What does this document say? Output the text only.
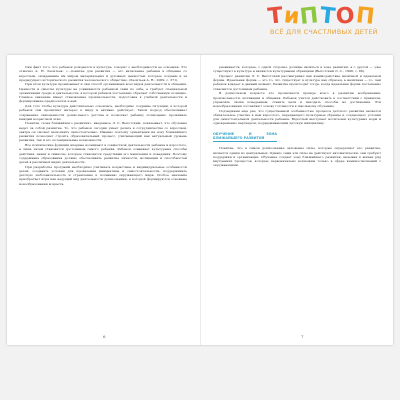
ТиПТОП
ВСЁ ДЛЯ СЧАСТЛИВЫХ ДЕТЕЙ

Сам факт того, что ребенок рождается в культуре, говорит о необходимости ее освоения. Это отмечал А. Н. Леонтьев: «...понятие для развития — это включение ребенка в общение со взрослым, овладевание им миром материальных и духовных ценностей, которые созданы и за предыдущего исторического развития человеческого общества» (Леонтьев А. Н., 2009. с. 371).

При этом культура пронизывает и сам способ организации всех видов деятельности и общения. Ценности и смыслы культуры не усваиваются ребенком сами по себе, а требуют специальной организации среды и деятельности, в которой ребенок постепенно обретает собственную позицию. Главное значение имеет становление произвольности, подготовка к учебной деятельности и формирование предпосылок к ней.

Для того чтобы культура действительно освоилась, необходимо создание ситуации, в которой ребенок сам проявляет интерес к миру и активно действует. Такой подход обеспечивает сохранение самоценности дошкольного детства и позволяет ребенку полноценно проживать каждый возрастной этап.

Понятие «зона ближайшего развития», введенное Л. С. Выготским, показывает, что обучение ведет за собой развитие. То, что ребенок сегодня умеет делать в сотрудничестве со взрослым, завтра он сможет выполнить самостоятельно. Именно поэтому ориентация на зону ближайшего развития позволяет строить образовательный процесс, учитывающий как актуальный уровень развития, так и его потенциальные возможности.

Все психические функции впервые возникают в совместной деятельности ребенка и взрослого, а лишь затем становятся достоянием самого ребенка. Ребенок осваивает культурные способы действия, знаки и символы, которые становятся средствами его мышления и поведения. Поэтому содержание образования должно обеспечивать развитие личности, мотивации и способностей детей в различных видах деятельности.

При разработке программ необходимо учитывать возрастные и индивидуальные особенности детей, создавать условия для проявления инициативы и самостоятельности, поддерживать детскую любознательность и стремление к познанию окружающего мира. Особое значение приобретает игра как ведущий вид деятельности дошкольника, в которой формируются основные новообразования возраста.

6

развивается, которые, с одной стороны, должны являться в зоне развития, а с другой — уже существуют в культуре и являются культурными образцами (Выготский Л. С., 1996, с. 88).

Процесс развития Л. С. Выготский рассматривал как взаимодействие наличной и идеальной формы. Идеальная форма — это то, что существует в культуре как образец, а наличная — то, чем ребенок владеет в данный момент. Развитие происходит тогда, когда идеальная форма постепенно становится достоянием ребенка.

В дошкольном возрасте это проявляется прежде всего в развитии воображения, произвольности, мотивации и общения. Ребенок учится действовать в соответствии с правилом, управлять своим поведением, ставить цели и находить способы их достижения. Эти новообразования составляют основу готовности к школьному обучению.

Подчеркнем еще раз, что существенной особенностью процесса детского развития является обязательное участие в нем взрослого, передающего культурные образцы и создающего условия для самостоятельной деятельности ребенка. Взрослый выступает носителем культурных норм и одновременно партнером, поддерживающим детскую инициативу.

ОБУЧЕНИЕ И ЗОНА БЛИЖАЙШЕГО РАЗВИТИЯ

Понятие, что в самом дошкольнике заложены силы, которые определяют его развитие, является одним из центральных. Однако сами эти силы не действуют автоматически, они требуют поддержки и организации. Обучение создает зону ближайшего развития, вызывая к жизни ряд внутренних процессов, которые первоначально возможны только в сфере взаимоотношений с окружающими.

7
